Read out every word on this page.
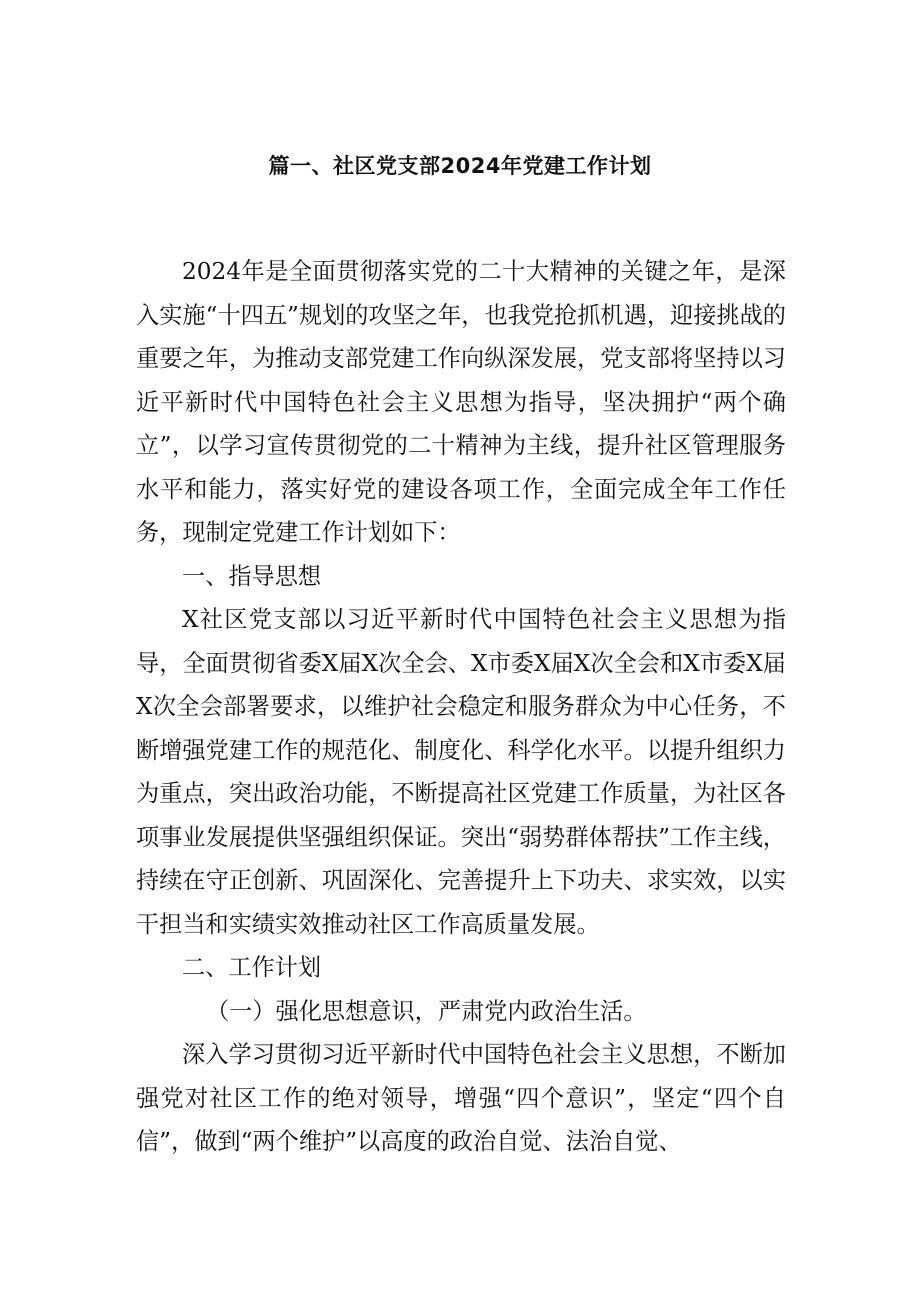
篇一、社区党支部2024年党建工作计划

2024年是全面贯彻落实党的二十大精神的关键之年，是深入实施“十四五”规划的攻坚之年，也我党抢抓机遇，迎接挑战的重要之年，为推动支部党建工作向纵深发展，党支部将坚持以习近平新时代中国特色社会主义思想为指导，坚决拥护“两个确立”，以学习宣传贯彻党的二十精神为主线，提升社区管理服务水平和能力，落实好党的建设各项工作，全面完成全年工作任务，现制定党建工作计划如下：

一、指导思想

X社区党支部以习近平新时代中国特色社会主义思想为指导，全面贯彻省委X届X次全会、X市委X届X次全会和X市委X届X次全会部署要求，以维护社会稳定和服务群众为中心任务，不断增强党建工作的规范化、制度化、科学化水平。以提升组织力为重点，突出政治功能，不断提高社区党建工作质量，为社区各项事业发展提供坚强组织保证。突出“弱势群体帮扶”工作主线，持续在守正创新、巩固深化、完善提升上下功夫、求实效，以实干担当和实绩实效推动社区工作高质量发展。

二、工作计划

（一）强化思想意识，严肃党内政治生活。

深入学习贯彻习近平新时代中国特色社会主义思想，不断加强党对社区工作的绝对领导，增强“四个意识”，坚定“四个自信”，做到“两个维护”以高度的政治自觉、法治自觉、
